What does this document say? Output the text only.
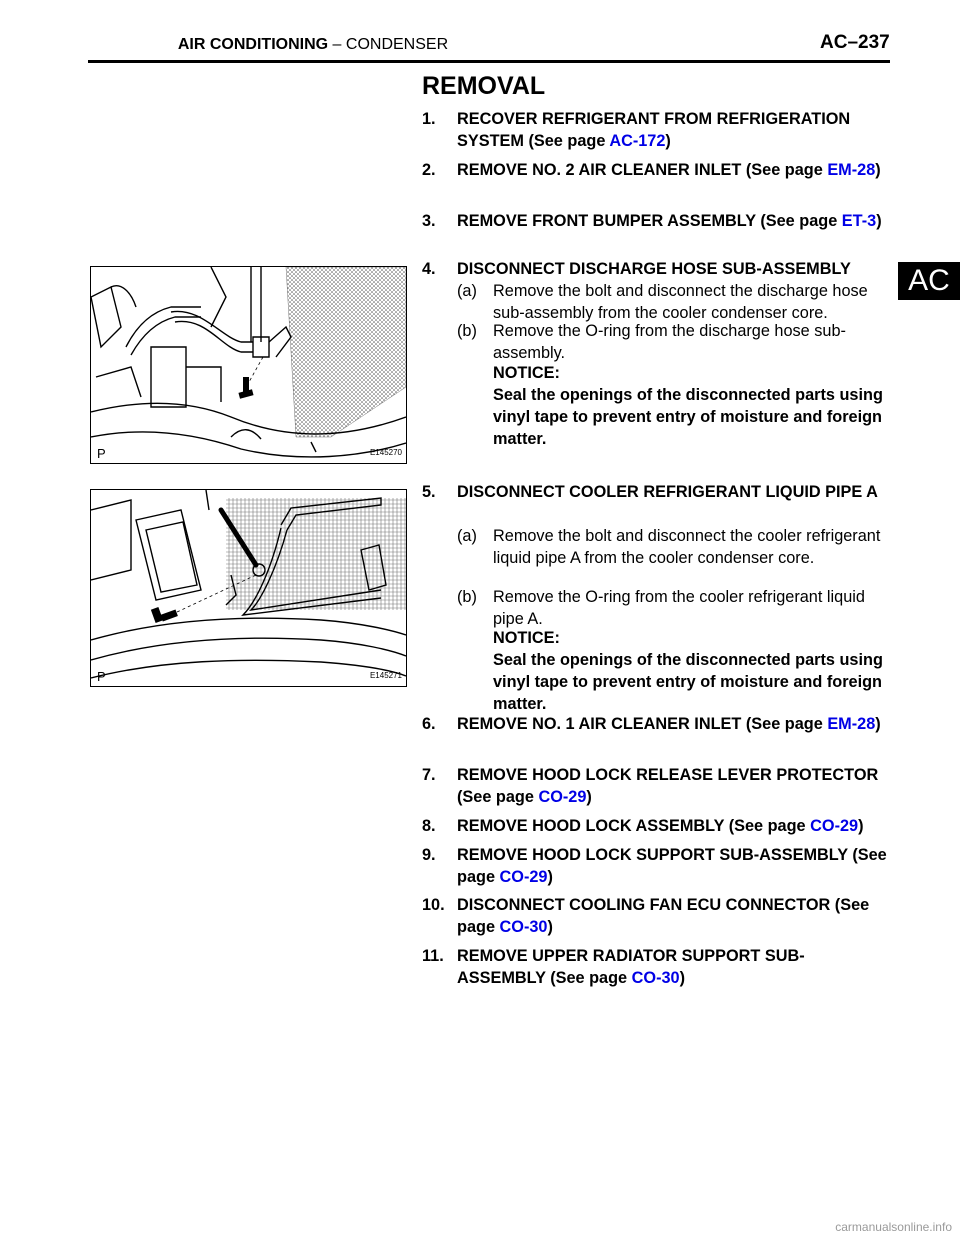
AIR CONDITIONING – CONDENSER	AC–237
AC
REMOVAL
1. RECOVER REFRIGERANT FROM REFRIGERATION SYSTEM (See page AC-172)
2. REMOVE NO. 2 AIR CLEANER INLET (See page EM-28)
3. REMOVE FRONT BUMPER ASSEMBLY (See page ET-3)
4. DISCONNECT DISCHARGE HOSE SUB-ASSEMBLY
(a) Remove the bolt and disconnect the discharge hose sub-assembly from the cooler condenser core.
(b) Remove the O-ring from the discharge hose sub-assembly.
NOTICE:
Seal the openings of the disconnected parts using vinyl tape to prevent entry of moisture and foreign matter.
P	E145270
5. DISCONNECT COOLER REFRIGERANT LIQUID PIPE A
(a) Remove the bolt and disconnect the cooler refrigerant liquid pipe A from the cooler condenser core.
(b) Remove the O-ring from the cooler refrigerant liquid pipe A.
NOTICE:
Seal the openings of the disconnected parts using vinyl tape to prevent entry of moisture and foreign matter.
P	E145271
6. REMOVE NO. 1 AIR CLEANER INLET (See page EM-28)
7. REMOVE HOOD LOCK RELEASE LEVER PROTECTOR (See page CO-29)
8. REMOVE HOOD LOCK ASSEMBLY (See page CO-29)
9. REMOVE HOOD LOCK SUPPORT SUB-ASSEMBLY (See page CO-29)
10. DISCONNECT COOLING FAN ECU CONNECTOR (See page CO-30)
11. REMOVE UPPER RADIATOR SUPPORT SUB-ASSEMBLY (See page CO-30)
carmanualsonline.info
